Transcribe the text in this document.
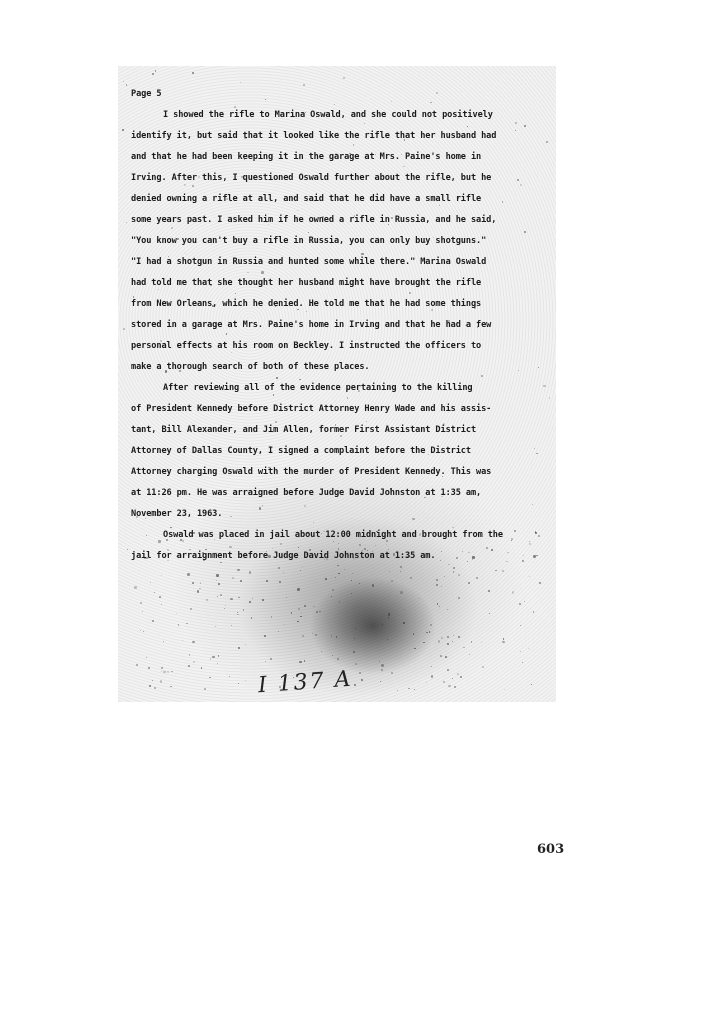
Page 5
I showed the rifle to Marina Oswald, and she could not positively
identify it, but said that it looked like the rifle that her husband had
and that he had been keeping it in the garage at Mrs. Paine's home in
Irving. After this, I questioned Oswald further about the rifle, but he
denied owning a rifle at all, and said that he did have a small rifle
some years past. I asked him if he owned a rifle in Russia, and he said,
"You know you can't buy a rifle in Russia, you can only buy shotguns."
"I had a shotgun in Russia and hunted some while there." Marina Oswald
had told me that she thought her husband might have brought the rifle
from New Orleans, which he denied. He told me that he had some things
stored in a garage at Mrs. Paine's home in Irving and that he had a few
personal effects at his room on Beckley. I instructed the officers to
make a thorough search of both of these places.
After reviewing all of the evidence pertaining to the killing
of President Kennedy before District Attorney Henry Wade and his assis-
tant, Bill Alexander, and Jim Allen, former First Assistant District
Attorney of Dallas County, I signed a complaint before the District
Attorney charging Oswald with the murder of President Kennedy. This was
at 11:26 pm. He was arraigned before Judge David Johnston at 1:35 am,
November 23, 1963.
Oswald was placed in jail about 12:00 midnight and brought from the
jail for arraignment before Judge David Johnston at 1:35 am.
I 137 A
603
